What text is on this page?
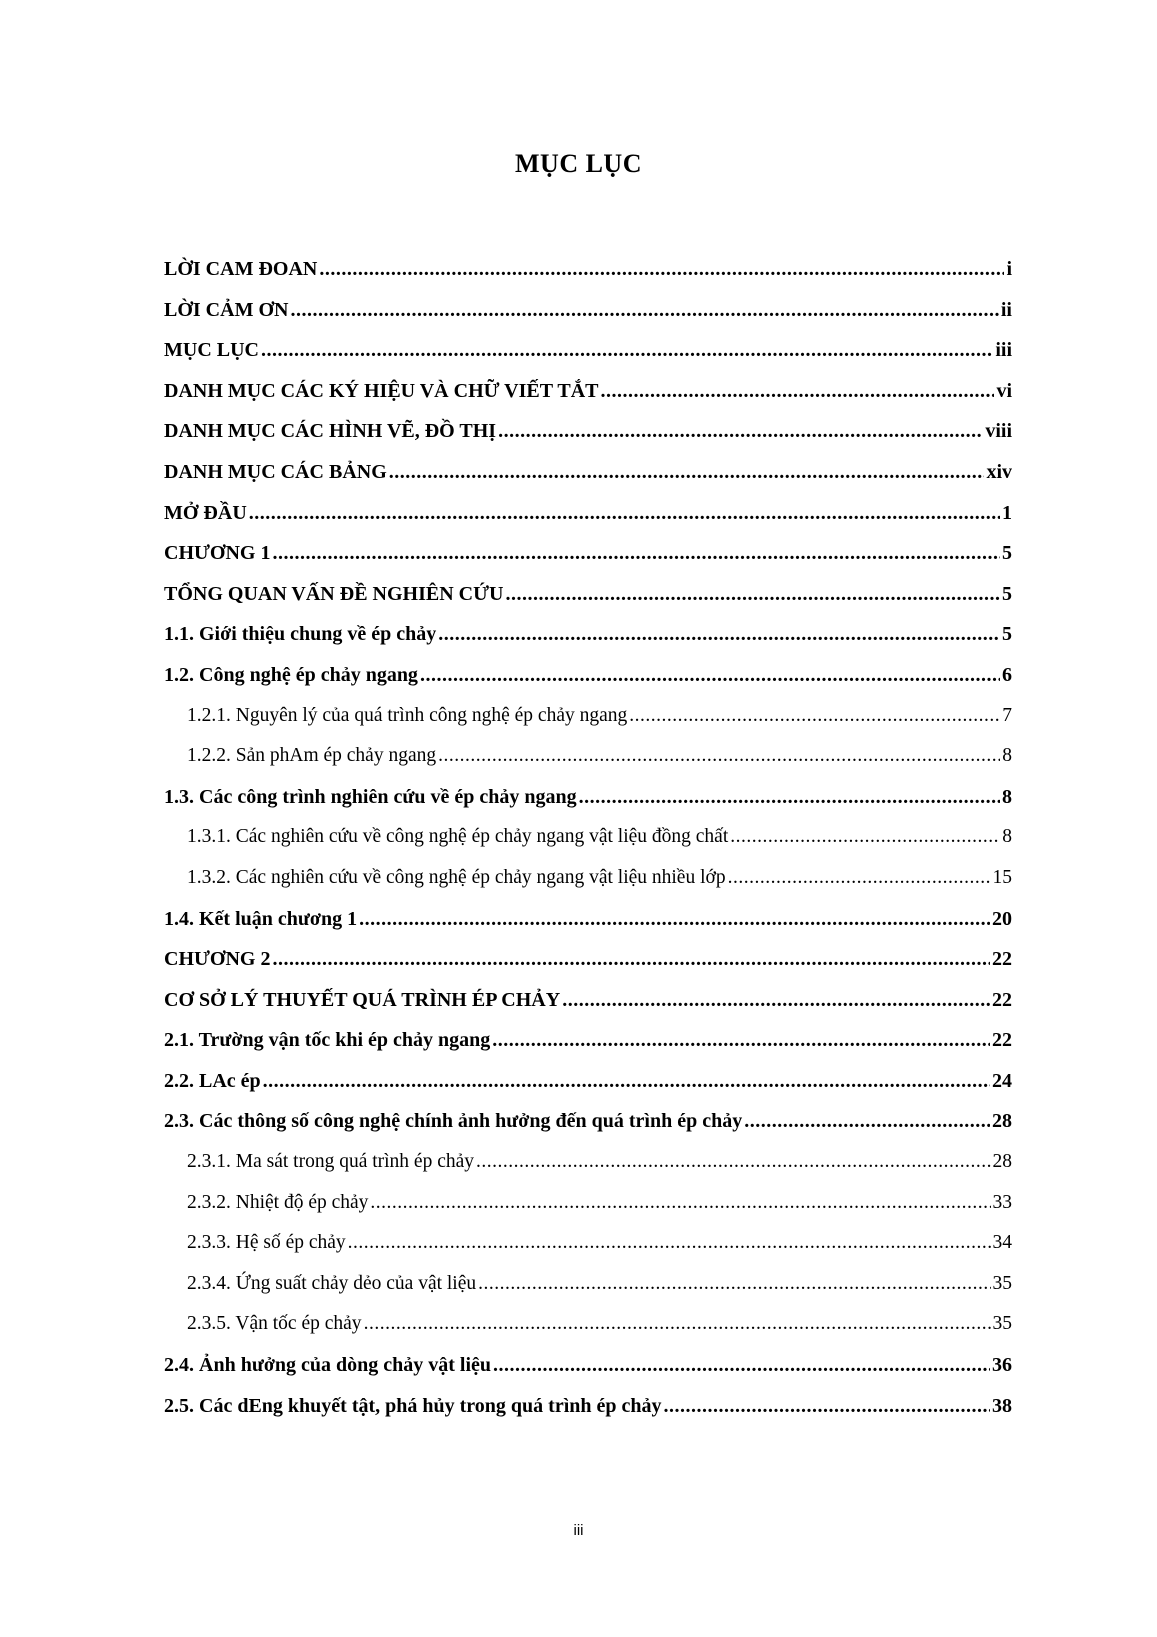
MỤC LỤC
LỜI CAM ĐOAN .....	i
LỜI CẢM ƠN .....	ii
MỤC LỤC .....	iii
DANH MỤC CÁC KÝ HIỆU VÀ CHỮ VIẾT TẮT .....	vi
DANH MỤC CÁC HÌNH VẼ, ĐỒ THỊ .....	viii
DANH MỤC CÁC BẢNG .....	xiv
MỞ ĐẦU .....	1
CHƯƠNG 1 .....	5
TỔNG QUAN VẤN ĐỀ NGHIÊN CỨU .....	5
1.1. Giới thiệu chung về ép chảy .....	5
1.2. Công nghệ ép chảy ngang .....	6
1.2.1. Nguyên lý của quá trình công nghệ ép chảy ngang .....	7
1.2.2. Sản phAm ép chảy ngang .....	8
1.3. Các công trình nghiên cứu về ép chảy ngang .....	8
1.3.1. Các nghiên cứu về công nghệ ép chảy ngang vật liệu đồng chất .....	8
1.3.2. Các nghiên cứu về công nghệ ép chảy ngang vật liệu nhiều lớp .....	15
1.4. Kết luận chương 1 .....	20
CHƯƠNG 2 .....	22
CƠ SỞ LÝ THUYẾT QUÁ TRÌNH ÉP CHẢY .....	22
2.1. Trường vận tốc khi ép chảy ngang .....	22
2.2. LAc ép .....	24
2.3. Các thông số công nghệ chính ảnh hưởng đến quá trình ép chảy .....	28
2.3.1. Ma sát trong quá trình ép chảy .....	28
2.3.2. Nhiệt độ ép chảy .....	33
2.3.3. Hệ số ép chảy .....	34
2.3.4. Ứng suất chảy dẻo của vật liệu .....	35
2.3.5. Vận tốc ép chảy .....	35
2.4. Ảnh hưởng của dòng chảy vật liệu .....	36
2.5. Các dEng khuyết tật, phá hủy trong quá trình ép chảy .....	38
iii
